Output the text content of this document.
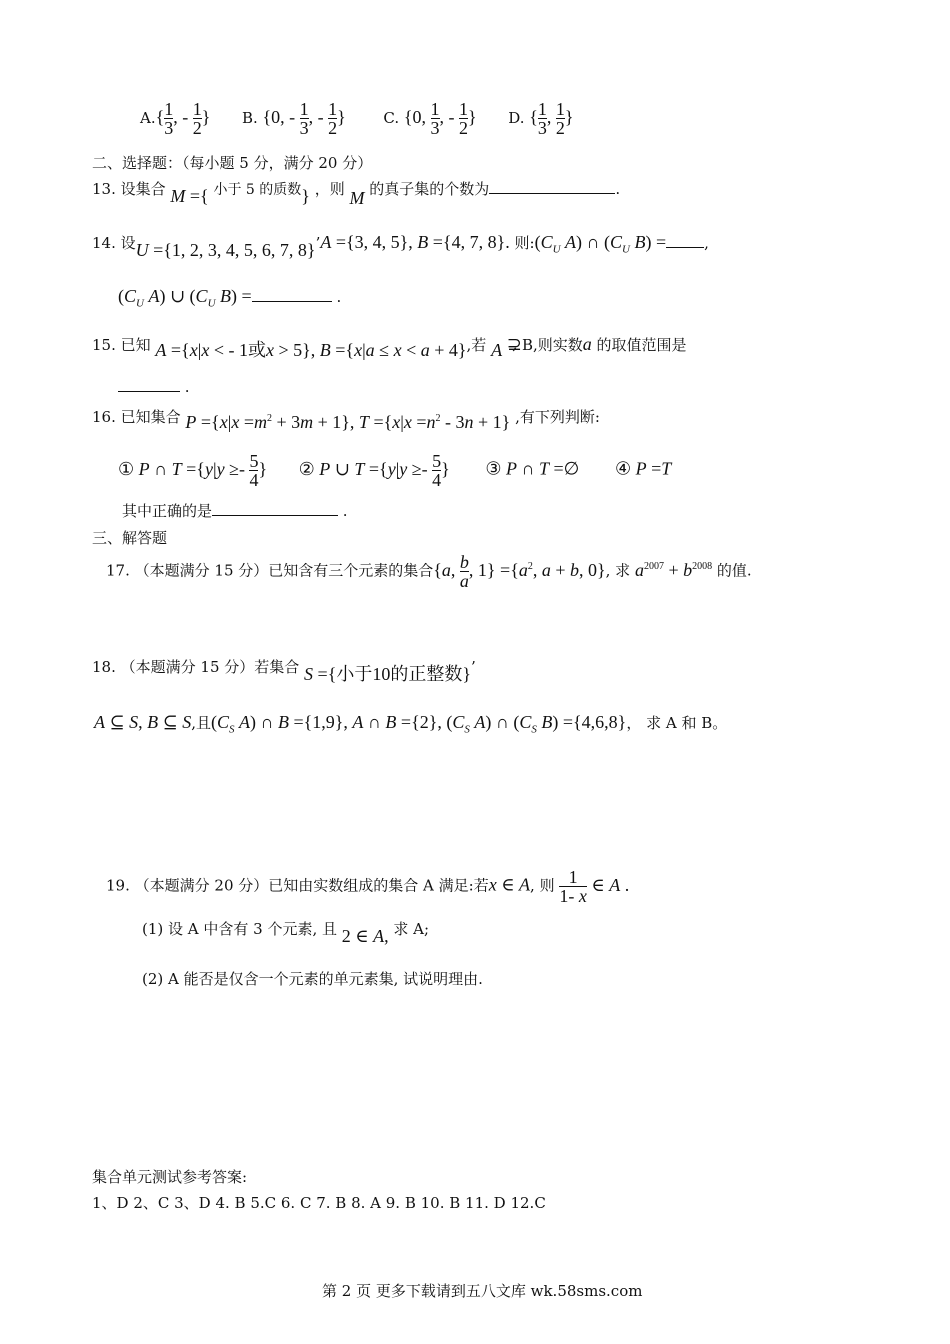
$A.\{ \frac{1}{3}$ , - $\frac{1}{2}$ } B. {0, - $\frac{1}{3}$ , - $\frac{1}{2}$ }	C. {0, $\frac{1}{3}$ , - $\frac{1}{2}$ } D. { $\frac{1}{3}$ , $\frac{1}{2}$ }
二、选择题：（每小题 5 分，满分 20 分）
13. 设集合 M ={ 小于 5 的质数} ，则 M 的真子集的个数为	.
14. 设U ={1, 2, 3, 4, 5, 6, 7, 8}’A ={3, 4, 5}, B ={4, 7, 8}. 则$:(C_U$ A) ∩ ($C_U$ B) =	,
($C_U$ A) ∪ ($C_U$ B) =	.
15. 已知 A ={x|x < - 1或x > 5}, B ={x|a ≤ x < a + 4},若 A ⊋B,则实数a 的取值范围是
.
16. 已知集合 $P =\{x|x =m^2 + 3m + 1\}$, $T =\{x|x =n^2 - 3n + 1\}$ ,有下列判断:
① P ∩ $T =\{y|y \ge- \frac{5}{4}$ } ② P ∪ $T =\{y|y \ge- \frac{5}{4}$ } ③ P ∩ T =∅ ④ P =T
其中正确的是	.
三、解答题
17. （本题满分 15 分）已知含有三个元素的集合{a, $\frac{b}{a}$ , $1\} =\{a^2$, a + b, 0}, 求 $a^{2007} + b^{2008}$ 的值.
18. （本题满分 15 分）若集合 S ={小于10的正整数}’
A ⊆ S, B ⊆ S,且($C_S$ A) ∩ B ={1,9}, A ∩ B ={2}, ($C_S$ A) ∩ ($C_S$ B) ={4,6,8}， 求 A 和 B。
19. （本题满分 20 分）已知由实数组成的集合 A 满足:若x ∈ A, 则 $\frac{1}{1- x}$ ∈ A .
(1) 设 A 中含有 3 个元素, 且 2 ∈ A, 求 A;
(2) A 能否是仅含一个元素的单元素集, 试说明理由.
集合单元测试参考答案:
1、D 2、C 3、D 4. B 5.C 6. C 7. B 8. A 9. B 10. B 11. D 12.C
第 2 页 更多下载请到五八文库 wk.58sms.com
